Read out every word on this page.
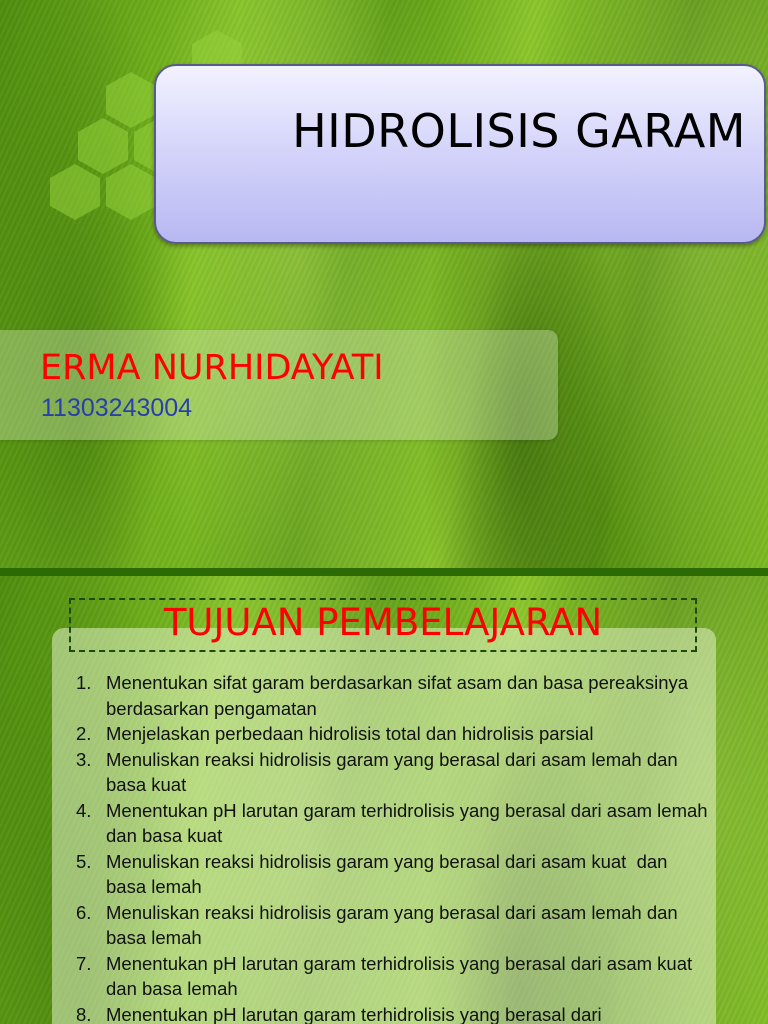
HIDROLISIS GARAM
ERMA NURHIDAYATI
11303243004
TUJUAN PEMBELAJARAN
1. Menentukan sifat garam berdasarkan sifat asam dan basa pereaksinya berdasarkan pengamatan
2. Menjelaskan perbedaan hidrolisis total dan hidrolisis parsial
3. Menuliskan reaksi hidrolisis garam yang berasal dari asam lemah dan basa kuat
4. Menentukan pH larutan garam terhidrolisis yang berasal dari asam lemah dan basa kuat
5. Menuliskan reaksi hidrolisis garam yang berasal dari asam kuat  dan basa lemah
6. Menuliskan reaksi hidrolisis garam yang berasal dari asam lemah dan basa lemah
7. Menentukan pH larutan garam terhidrolisis yang berasal dari asam kuat dan basa lemah
8. Menentukan pH larutan garam terhidrolisis yang berasal dari
